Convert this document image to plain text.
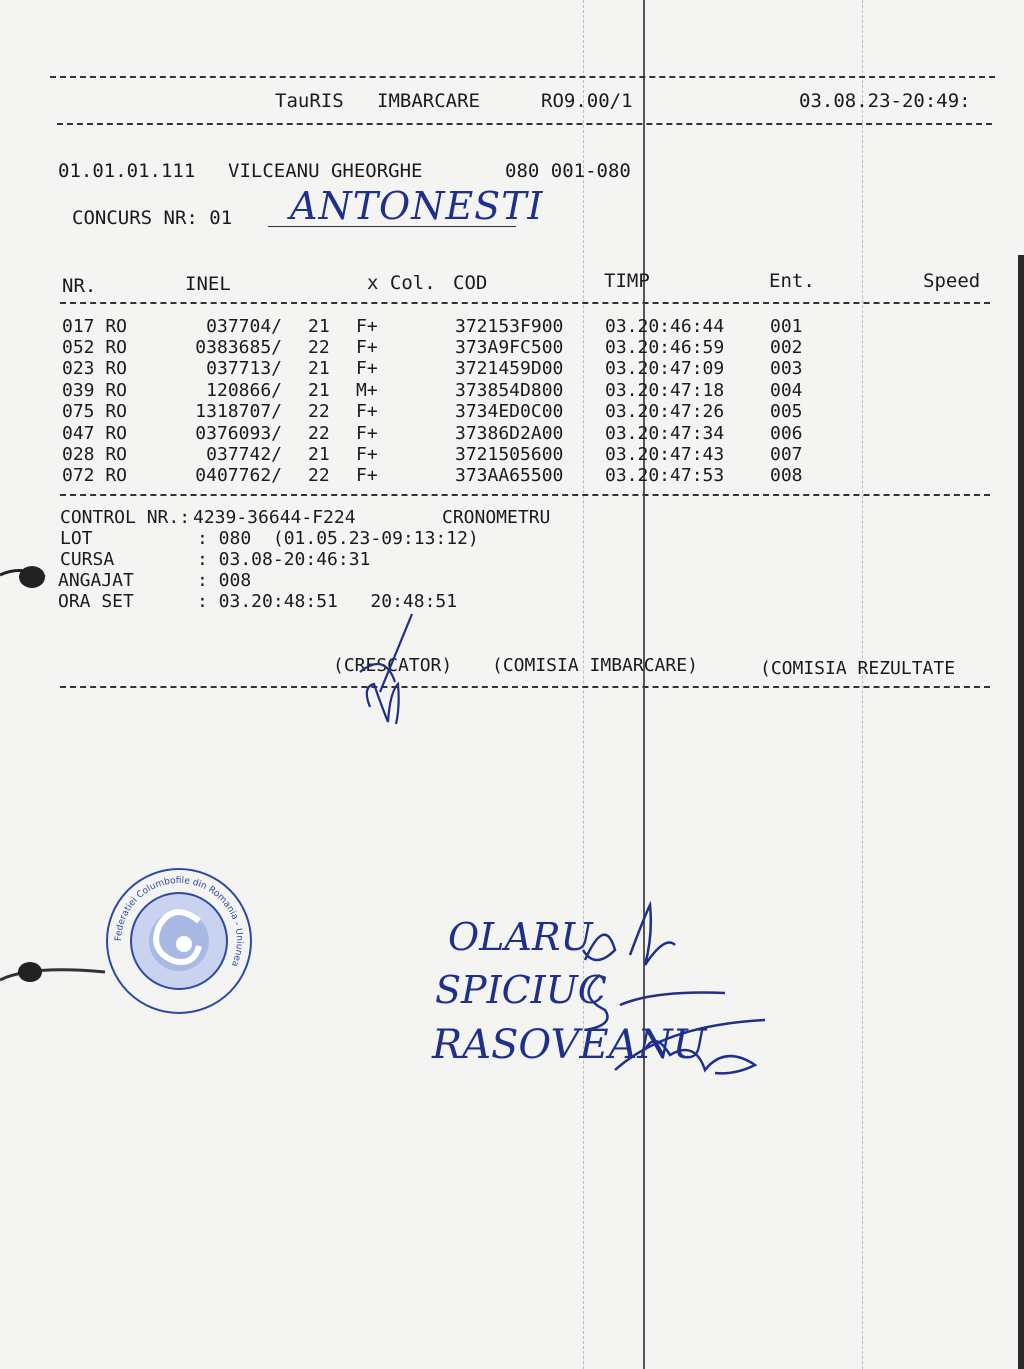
TauRIS IMBARCARE	RO9.00/1	03.08.23-20:49:
01.01.01.111 VILCEANU GHEORGHE	080 001-080
CONCURS NR: 01 ANTONESTI
NR.	INEL	x Col. COD	TIMP	Ent.	Speed
017 RO	037704/ 21 F+	372153F900 03.20:46:44	001
052 RO	0383685/ 22 F+	373A9FC500 03.20:46:59	002
023 RO	037713/ 21 F+	3721459D00 03.20:47:09	003
039 RO	120866/ 21 M+	373854D800 03.20:47:18	004
075 RO	1318707/ 22 F+	3734ED0C00 03.20:47:26	005
047 RO	0376093/ 22 F+	37386D2A00 03.20:47:34	006
028 RO	037742/ 21 F+	3721505600 03.20:47:43	007
072 RO	0407762/ 22 F+	373AA65500 03.20:47:53	008
CONTROL NR.: 4239-36644-F224	CRONOMETRU
LOT	: 080  (01.05.23-09:13:12)
CURSA	: 03.08-20:46:31
ANGAJAT	: 008
ORA SET	: 03.20:48:51   20:48:51
(CRESCATOR) (COMISIA IMBARCARE)	(COMISIA REZULTATE
Federatiei Columbofile din Romania - Uniunea
OLARU
SPICIUC
RASOVEANU
